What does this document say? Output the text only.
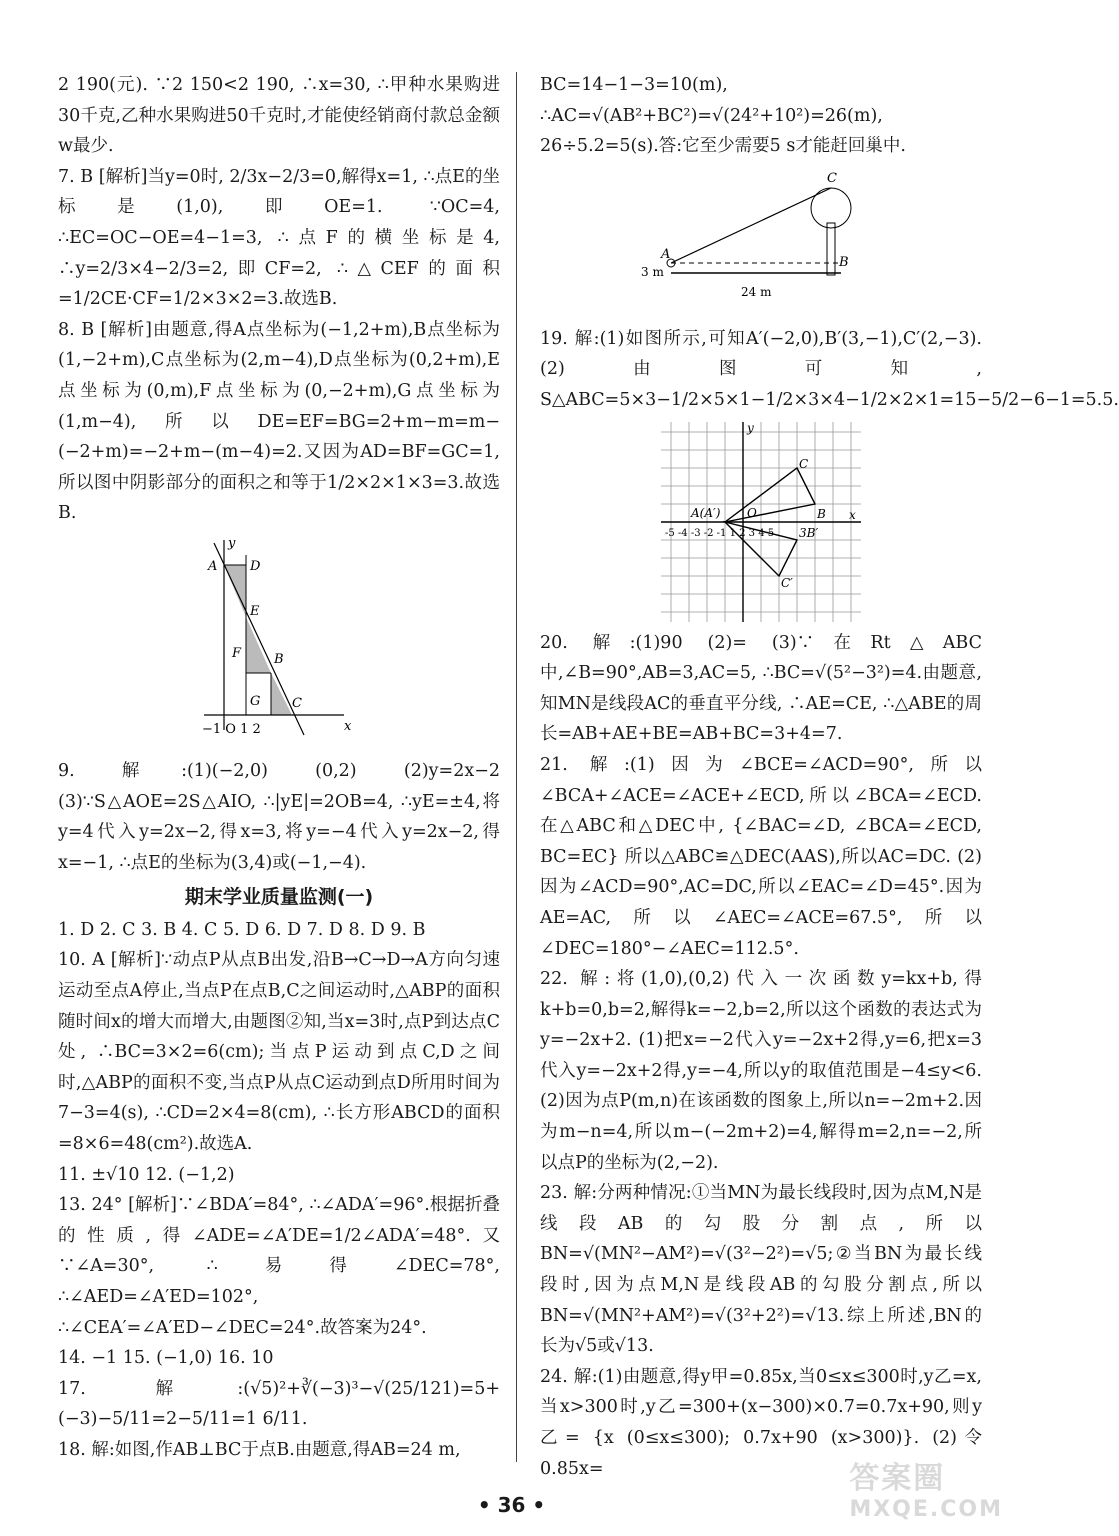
2 190(元). ∵2 150<2 190, ∴x=30, ∴甲种水果购进30千克,乙种水果购进50千克时,才能使经销商付款总金额w最少.

7. B [解析]当y=0时, 2/3x−2/3=0,解得x=1, ∴点E的坐标是(1,0),即OE=1. ∵OC=4, ∴EC=OC−OE=4−1=3, ∴点F的横坐标是4, ∴y=2/3×4−2/3=2,即CF=2, ∴△CEF的面积=1/2CE·CF=1/2×3×2=3.故选B.

8. B [解析]由题意,得A点坐标为(−1,2+m),B点坐标为(1,−2+m),C点坐标为(2,m−4),D点坐标为(0,2+m),E点坐标为(0,m),F点坐标为(0,−2+m),G点坐标为(1,m−4),所以DE=EF=BG=2+m−m=m−(−2+m)=−2+m−(m−4)=2.又因为AD=BF=GC=1,所以图中阴影部分的面积之和等于1/2×2×1×3=3.故选B.

y
x
A	D
E
F	B
G C
−1 O 1 2

9. 解:(1)(−2,0) (0,2) (2)y=2x−2 (3)∵S△AOE=2S△AIO, ∴|yE|=2OB=4, ∴yE=±4,将y=4代入y=2x−2,得x=3,将y=−4代入y=2x−2,得x=−1, ∴点E的坐标为(3,4)或(−1,−4).

期末学业质量监测(一)

1. D 2. C 3. B 4. C 5. D 6. D 7. D 8. D 9. B

10. A [解析]∵动点P从点B出发,沿B→C→D→A方向匀速运动至点A停止,当点P在点B,C之间运动时,△ABP的面积随时间x的增大而增大,由题图②知,当x=3时,点P到达点C处, ∴BC=3×2=6(cm);当点P运动到点C,D之间时,△ABP的面积不变,当点P从点C运动到点D所用时间为7−3=4(s), ∴CD=2×4=8(cm), ∴长方形ABCD的面积=8×6=48(cm²).故选A.

11. ±√10 12. (−1,2)

13. 24° [解析]∵∠BDA′=84°, ∴∠ADA′=96°.根据折叠的性质,得∠ADE=∠A′DE=1/2∠ADA′=48°.又∵∠A=30°, ∴易得∠DEC=78°, ∴∠AED=∠A′ED=102°, ∴∠CEA′=∠A′ED−∠DEC=24°.故答案为24°.

14. −1 15. (−1,0) 16. 10

17. 解:(√5)²+∛(−3)³−√(25/121)=5+(−3)−5/11=2−5/11=1 6/11.

18. 解:如图,作AB⊥BC于点B.由题意,得AB=24 m,

BC=14−1−3=10(m), ∴AC=√(AB²+BC²)=√(24²+10²)=26(m), 26÷5.2=5(s).答:它至少需要5 s才能赶回巢中.

A
B
C
3 m
24 m

19. 解:(1)如图所示,可知A′(−2,0),B′(3,−1),C′(2,−3). (2)由图可知, S△ABC=5×3−1/2×5×1−1/2×3×4−1/2×2×1=15−5/2−6−1=5.5.

y
x
A(A′) O	B
C
3B′
C′
-5 -4 -3 -2 -1 1 2 3 4 5

20. 解:(1)90 (2)= (3)∵在Rt△ABC中,∠B=90°,AB=3,AC=5, ∴BC=√(5²−3²)=4.由题意,知MN是线段AC的垂直平分线, ∴AE=CE, ∴△ABE的周长=AB+AE+BE=AB+BC=3+4=7.

21. 解:(1)因为∠BCE=∠ACD=90°,所以∠BCA+∠ACE=∠ACE+∠ECD,所以∠BCA=∠ECD.在△ABC和△DEC中, {∠BAC=∠D, ∠BCA=∠ECD, BC=EC} 所以△ABC≌△DEC(AAS),所以AC=DC. (2)因为∠ACD=90°,AC=DC,所以∠EAC=∠D=45°.因为AE=AC,所以∠AEC=∠ACE=67.5°,所以∠DEC=180°−∠AEC=112.5°.

22. 解:将(1,0),(0,2)代入一次函数y=kx+b,得k+b=0,b=2,解得k=−2,b=2,所以这个函数的表达式为y=−2x+2. (1)把x=−2代入y=−2x+2得,y=6,把x=3代入y=−2x+2得,y=−4,所以y的取值范围是−4≤y<6. (2)因为点P(m,n)在该函数的图象上,所以n=−2m+2.因为m−n=4,所以m−(−2m+2)=4,解得m=2,n=−2,所以点P的坐标为(2,−2).

23. 解:分两种情况:①当MN为最长线段时,因为点M,N是线段AB的勾股分割点,所以BN=√(MN²−AM²)=√(3²−2²)=√5;②当BN为最长线段时,因为点M,N是线段AB的勾股分割点,所以BN=√(MN²+AM²)=√(3²+2²)=√13.综上所述,BN的长为√5或√13.

24. 解:(1)由题意,得y甲=0.85x,当0≤x≤300时,y乙=x,当x>300时,y乙=300+(x−300)×0.7=0.7x+90,则y乙= {x (0≤x≤300); 0.7x+90 (x>300)}. (2)令0.85x=

• 36 •
答案圈
MXQE.COM
